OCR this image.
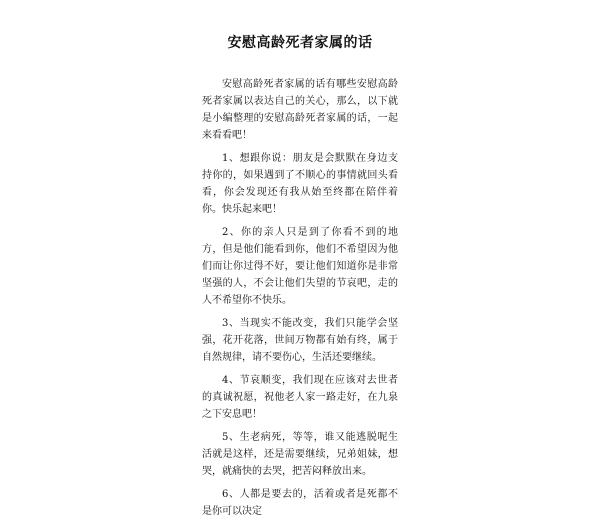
安慰高龄死者家属的话

安慰高龄死者家属的话有哪些安慰高龄死者家属以表达自己的关心，那么，以下就是小编整理的安慰高龄死者家属的话，一起来看看吧！

1、想跟你说：朋友是会默默在身边支持你的，如果遇到了不顺心的事情就回头看看，你会发现还有我从始至终都在陪伴着你。快乐起来吧！

2、你的亲人只是到了你看不到的地方，但是他们能看到你，他们不希望因为他们而让你过得不好，要让他们知道你是非常坚强的人，不会让他们失望的节哀吧，走的人不希望你不快乐。

3、当现实不能改变，我们只能学会坚强，花开花落，世间万物都有始有终，属于自然规律，请不要伤心，生活还要继续。

4、节哀顺变，我们现在应该对去世者的真诚祝愿，祝他老人家一路走好，在九泉之下安息吧！

5、生老病死，等等，谁又能逃脱呢生活就是这样，还是需要继续，兄弟姐妹，想哭，就痛快的去哭，把苦闷释放出来。

6、人都是要去的，活着或者是死都不是你可以决定
